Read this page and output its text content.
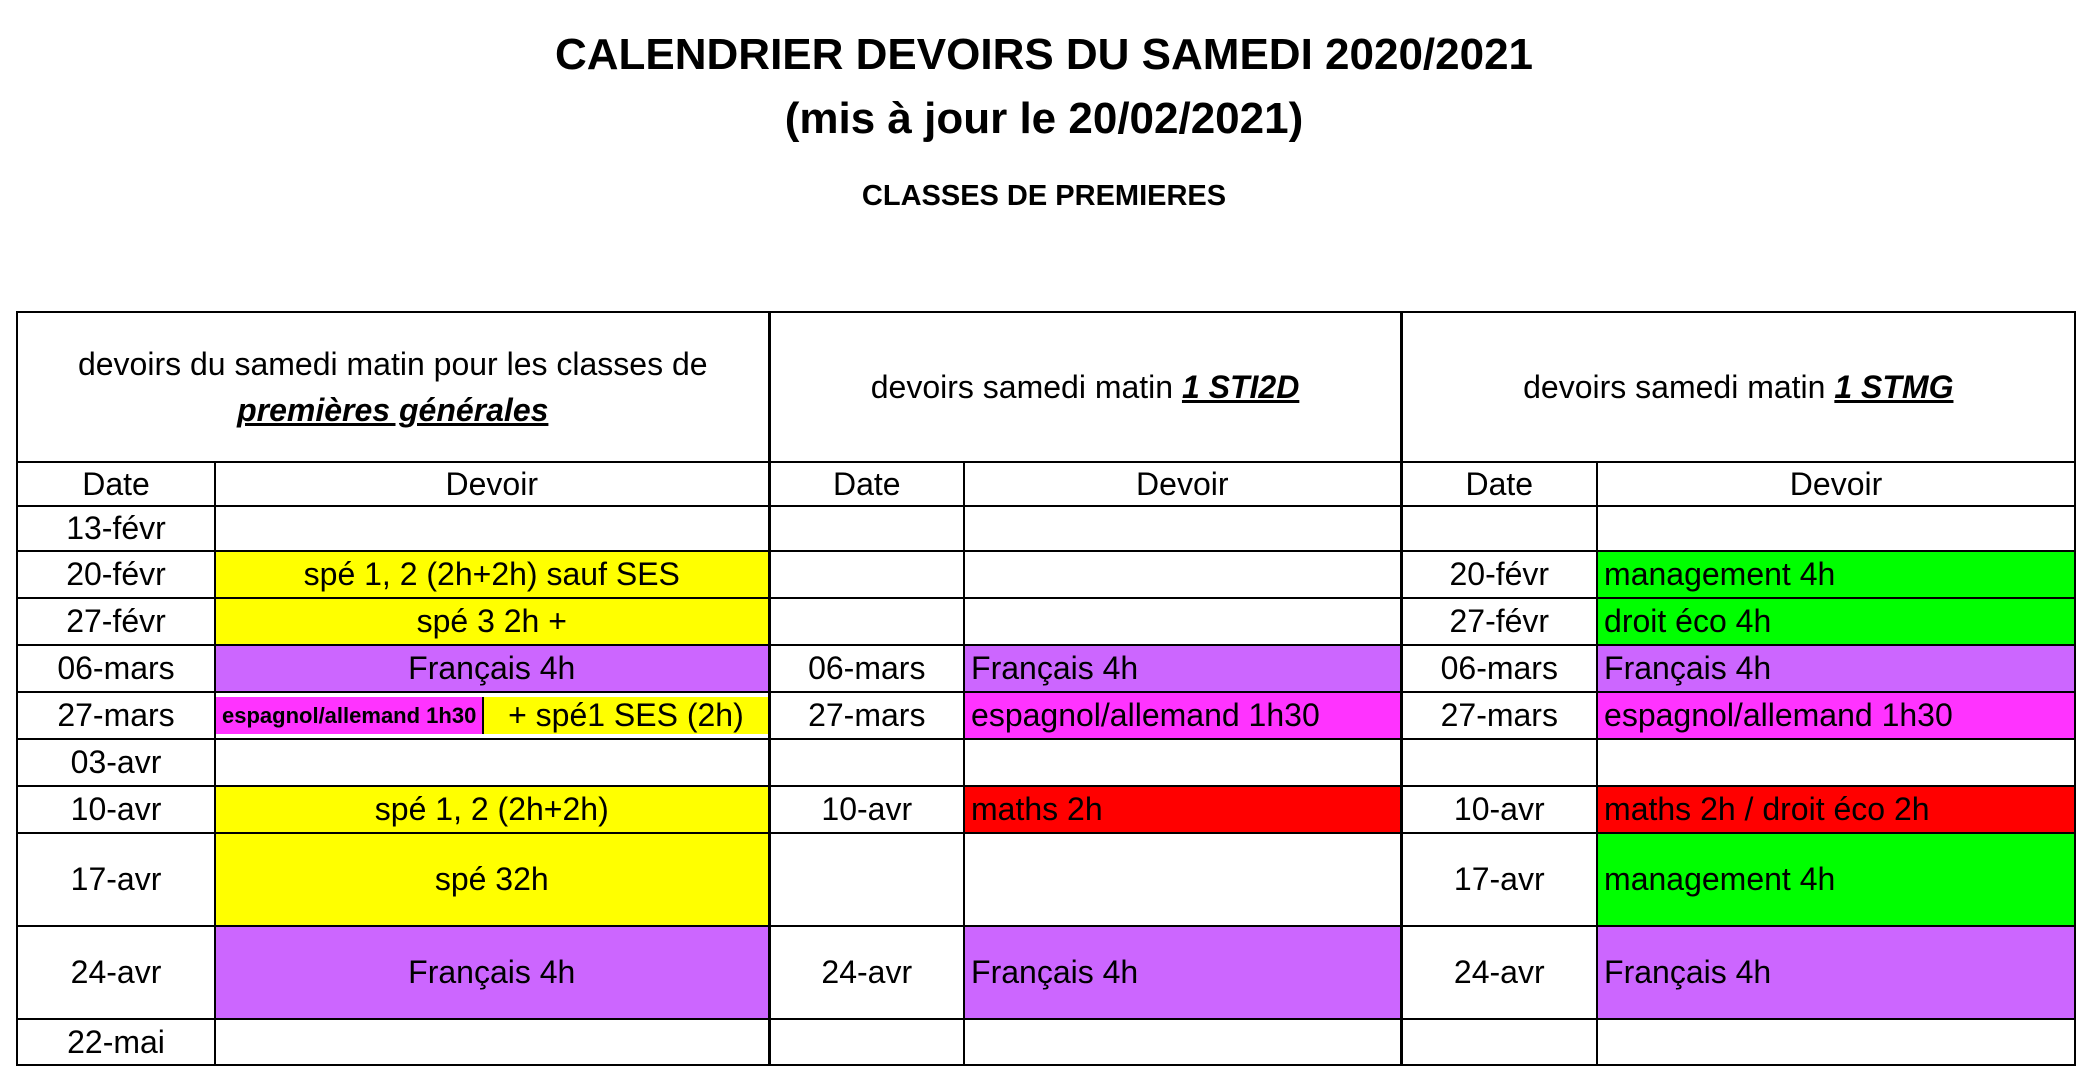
CALENDRIER DEVOIRS DU SAMEDI 2020/2021
(mis à jour le 20/02/2021)
CLASSES DE PREMIERES
devoirs du samedi matin pour les classes de
premières générales		devoirs samedi matin 1 STI2D		devoirs samedi matin 1 STMG	
Date	Devoir	Date	Devoir	Date	Devoir
13-févr					
20-févr	spé 1, 2 (2h+2h) sauf SES			20-févr	management 4h
27-févr	spé 3 2h +			27-févr	droit éco 4h
06-mars	Français 4h	06-mars	Français 4h	06-mars	Français 4h
27-mars	espagnol/allemand 1h30 + spé1 SES (2h)	27-mars	espagnol/allemand 1h30	27-mars	espagnol/allemand 1h30
03-avr					
10-avr	spé 1, 2 (2h+2h)	10-avr	maths 2h	10-avr	maths 2h / droit éco 2h
17-avr	spé 32h			17-avr	management 4h
24-avr	Français 4h	24-avr	Français 4h	24-avr	Français 4h
22-mai					
